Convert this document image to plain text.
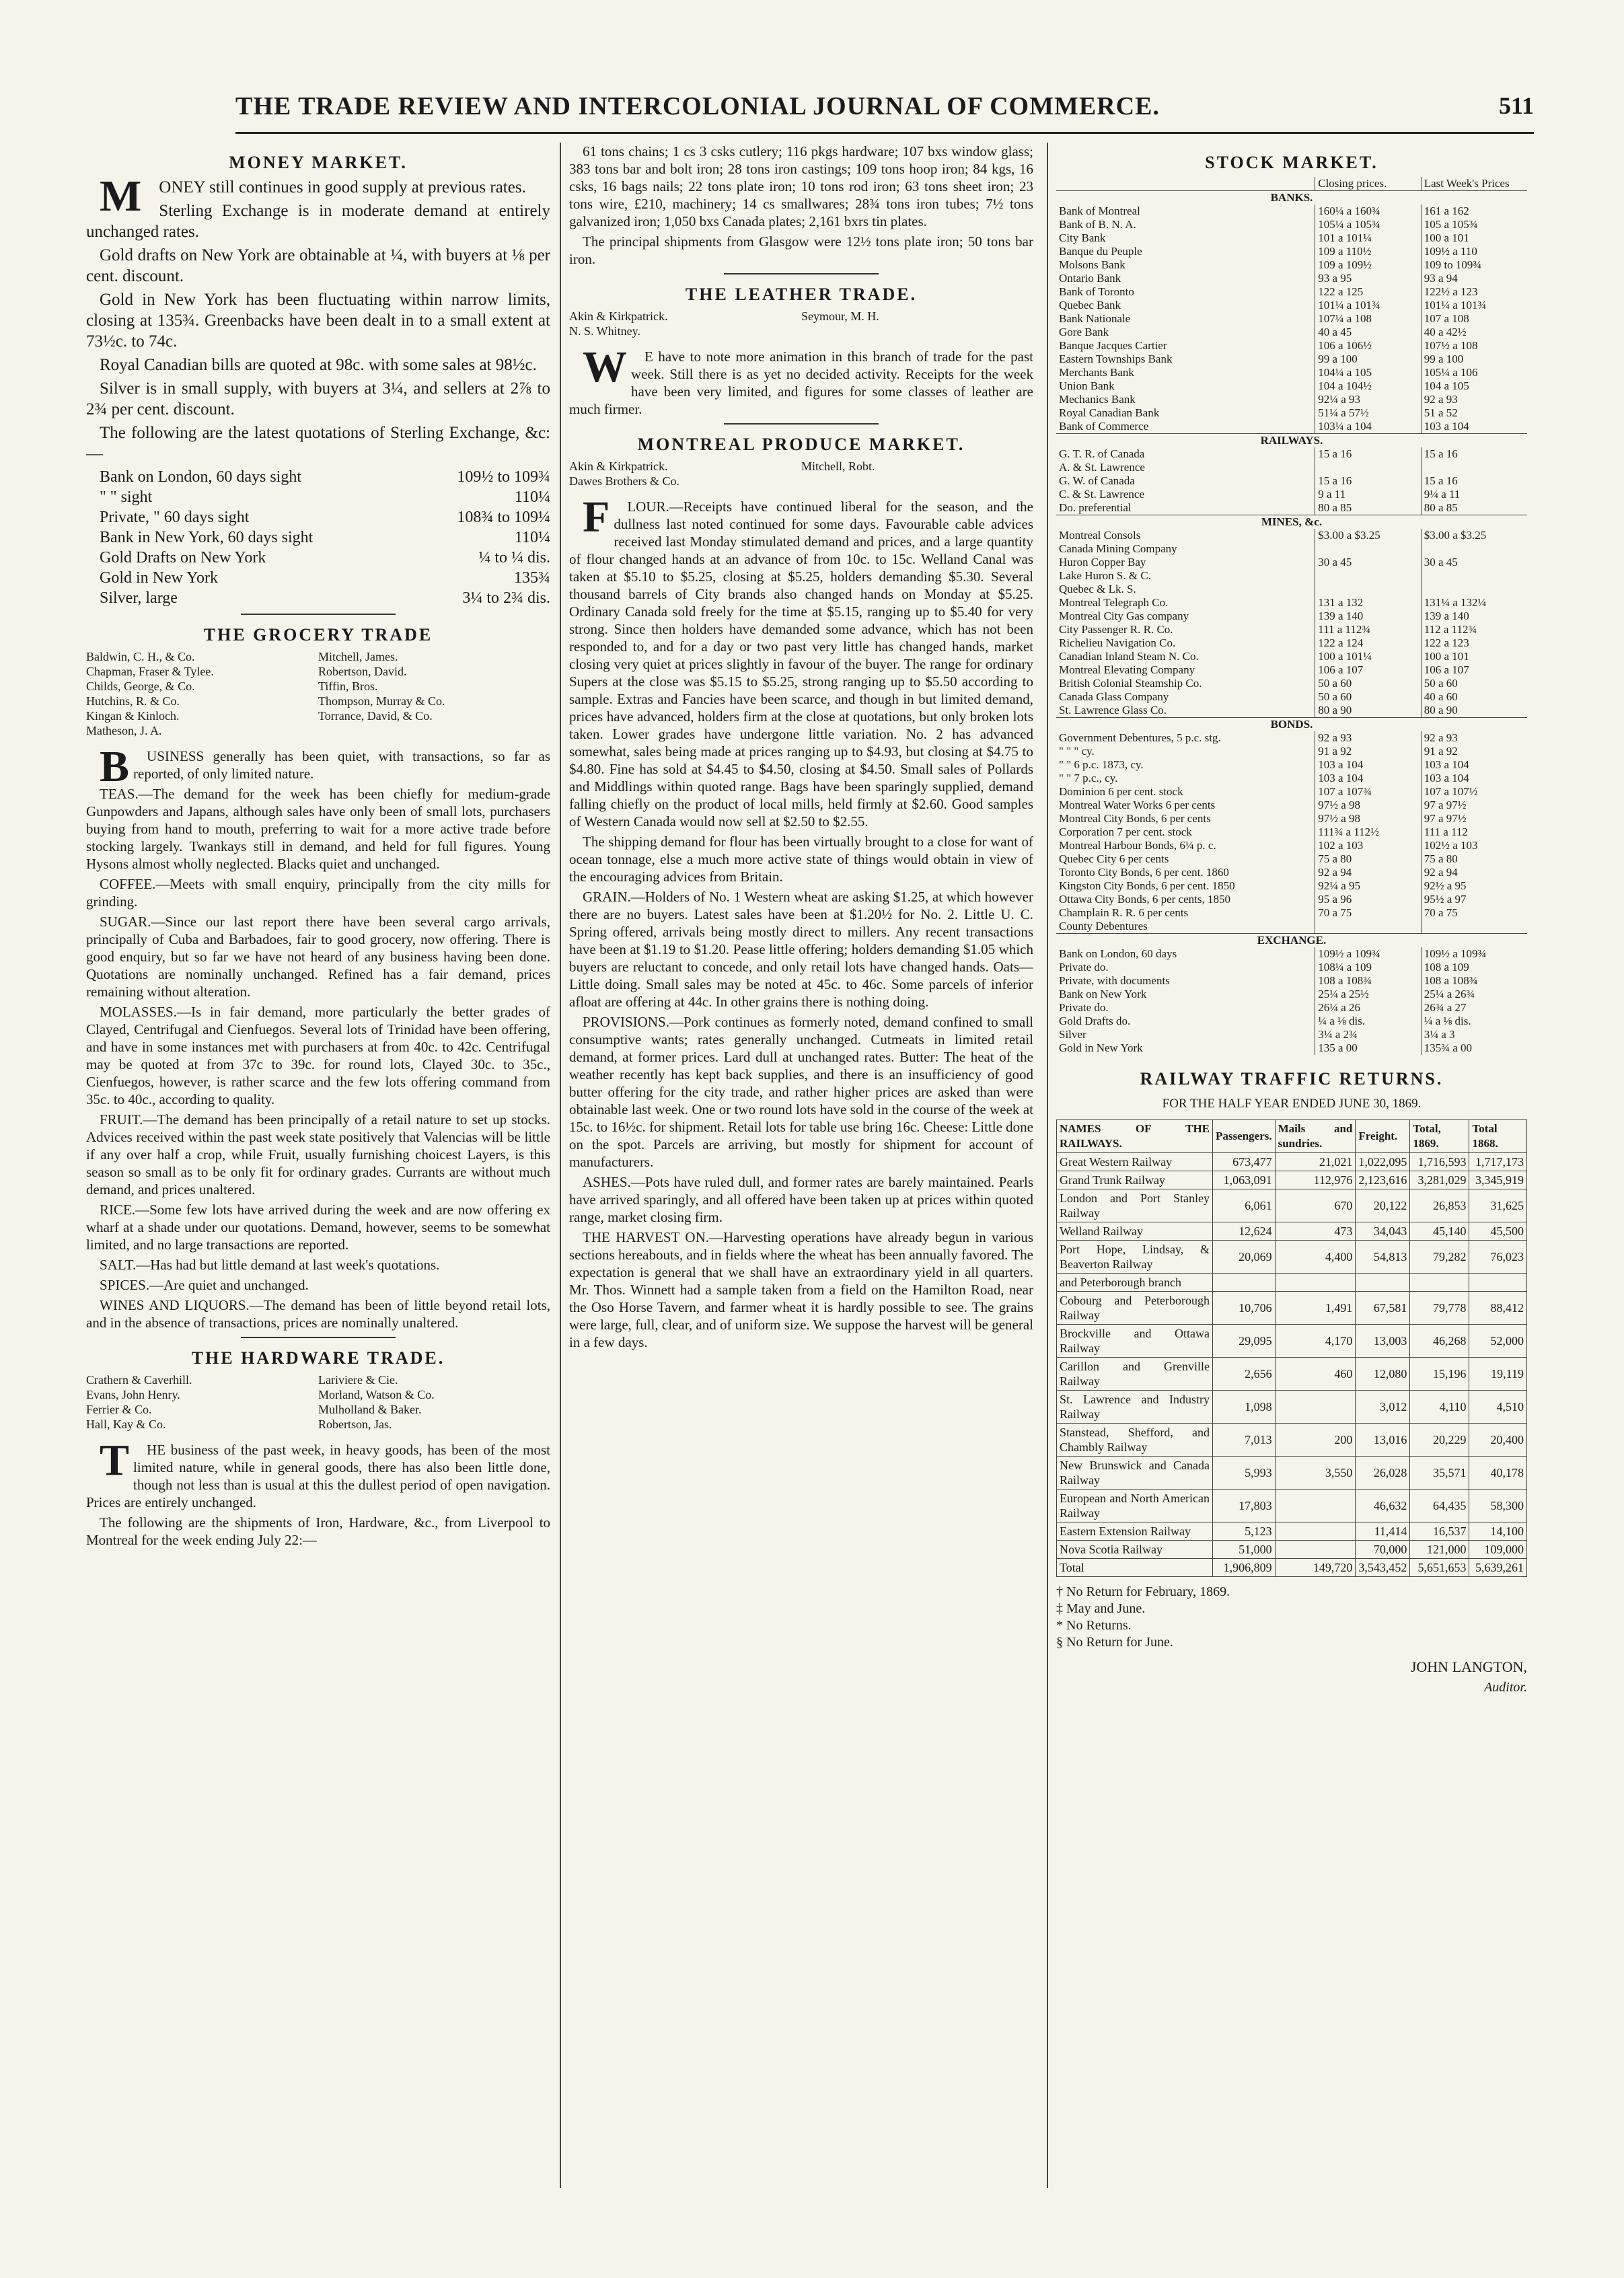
THE TRADE REVIEW AND INTERCOLONIAL JOURNAL OF COMMERCE.	511
MONEY MARKET.

MONEY still continues in good supply at previous rates.

Sterling Exchange is in moderate demand at entirely unchanged rates.

Gold drafts on New York are obtainable at ¼, with buyers at ⅛ per cent. discount.

Gold in New York has been fluctuating within narrow limits, closing at 135¾. Greenbacks have been dealt in to a small extent at 73½c. to 74c.

Royal Canadian bills are quoted at 98c. with some sales at 98½c.

Silver is in small supply, with buyers at 3¼, and sellers at 2⅞ to 2¾ per cent. discount.

The following are the latest quotations of Sterling Exchange, &c:—

Bank on London, 60 days sight	109½ to 109¾
" " sight	110¼
Private, " 60 days sight	108¾ to 109¼
Bank in New York, 60 days sight	110¼
Gold Drafts on New York	¼ to ¼ dis.
Gold in New York	135¾
Silver, large	3¼ to 2¾ dis.
THE GROCERY TRADE
Baldwin, C. H., & Co.	Mitchell, James.
Chapman, Fraser & Tylee.	Robertson, David.
Childs, George, & Co.	Tiffin, Bros.
Hutchins, R. & Co.	Thompson, Murray & Co.
Kingan & Kinloch.	Torrance, David, & Co.
Matheson, J. A.

BUSINESS generally has been quiet, with transactions, so far as reported, of only limited nature.

TEAS.—The demand for the week has been chiefly for medium-grade Gunpowders and Japans, although sales have only been of small lots, purchasers buying from hand to mouth, preferring to wait for a more active trade before stocking largely. Twankays still in demand, and held for full figures. Young Hysons almost wholly neglected. Blacks quiet and unchanged.

COFFEE.—Meets with small enquiry, principally from the city mills for grinding.

SUGAR.—Since our last report there have been several cargo arrivals, principally of Cuba and Barbadoes, fair to good grocery, now offering. There is good enquiry, but so far we have not heard of any business having been done. Quotations are nominally unchanged. Refined has a fair demand, prices remaining without alteration.

MOLASSES.—Is in fair demand, more particularly the better grades of Clayed, Centrifugal and Cienfuegos. Several lots of Trinidad have been offering, and have in some instances met with purchasers at from 40c. to 42c. Centrifugal may be quoted at from 37c to 39c. for round lots, Clayed 30c. to 35c., Cienfuegos, however, is rather scarce and the few lots offering command from 35c. to 40c., according to quality.

FRUIT.—The demand has been principally of a retail nature to set up stocks. Advices received within the past week state positively that Valencias will be little if any over half a crop, while Fruit, usually furnishing choicest Layers, is this season so small as to be only fit for ordinary grades. Currants are without much demand, and prices unaltered.

RICE.—Some few lots have arrived during the week and are now offering ex wharf at a shade under our quotations. Demand, however, seems to be somewhat limited, and no large transactions are reported.

SALT.—Has had but little demand at last week's quotations.

SPICES.—Are quiet and unchanged.

WINES AND LIQUORS.—The demand has been of little beyond retail lots, and in the absence of transactions, prices are nominally unaltered.

THE HARDWARE TRADE.
Crathern & Caverhill.	Lariviere & Cie.
Evans, John Henry.	Morland, Watson & Co.
Ferrier & Co.	Mulholland & Baker.
Hall, Kay & Co.	Robertson, Jas.

THE business of the past week, in heavy goods, has been of the most limited nature, while in general goods, there has also been little done, though not less than is usual at this the dullest period of open navigation. Prices are entirely unchanged.

The following are the shipments of Iron, Hardware, &c., from Liverpool to Montreal for the week ending July 22:—

61 tons chains; 1 cs 3 csks cutlery; 116 pkgs hardware; 107 bxs window glass; 383 tons bar and bolt iron; 28 tons iron castings; 109 tons hoop iron; 84 kgs, 16 csks, 16 bags nails; 22 tons plate iron; 10 tons rod iron; 63 tons sheet iron; 23 tons wire, £210, machinery; 14 cs smallwares; 28¾ tons iron tubes; 7½ tons galvanized iron; 1,050 bxs Canada plates; 2,161 bxrs tin plates.

The principal shipments from Glasgow were 12½ tons plate iron; 50 tons bar iron.

THE LEATHER TRADE.
Akin & Kirkpatrick.	Seymour, M. H.
N. S. Whitney.

WE have to note more animation in this branch of trade for the past week. Still there is as yet no decided activity. Receipts for the week have been very limited, and figures for some classes of leather are much firmer.

MONTREAL PRODUCE MARKET.
Akin & Kirkpatrick.	Mitchell, Robt.
Dawes Brothers & Co.

FLOUR.—Receipts have continued liberal for the season, and the dullness last noted continued for some days. Favourable cable advices received last Monday stimulated demand and prices, and a large quantity of flour changed hands at an advance of from 10c. to 15c. Welland Canal was taken at $5.10 to $5.25, closing at $5.25, holders demanding $5.30. Several thousand barrels of City brands also changed hands on Monday at $5.25. Ordinary Canada sold freely for the time at $5.15, ranging up to $5.40 for very strong. Since then holders have demanded some advance, which has not been responded to, and for a day or two past very little has changed hands, market closing very quiet at prices slightly in favour of the buyer. The range for ordinary Supers at the close was $5.15 to $5.25, strong ranging up to $5.50 according to sample. Extras and Fancies have been scarce, and though in but limited demand, prices have advanced, holders firm at the close at quotations, but only broken lots taken. Lower grades have undergone little variation. No. 2 has advanced somewhat, sales being made at prices ranging up to $4.93, but closing at $4.75 to $4.80. Fine has sold at $4.45 to $4.50, closing at $4.50. Small sales of Pollards and Middlings within quoted range. Bags have been sparingly supplied, demand falling chiefly on the product of local mills, held firmly at $2.60. Good samples of Western Canada would now sell at $2.50 to $2.55.

The shipping demand for flour has been virtually brought to a close for want of ocean tonnage, else a much more active state of things would obtain in view of the encouraging advices from Britain.

GRAIN.—Holders of No. 1 Western wheat are asking $1.25, at which however there are no buyers. Latest sales have been at $1.20½ for No. 2. Little U. C. Spring offered, arrivals being mostly direct to millers. Any recent transactions have been at $1.19 to $1.20. Pease little offering; holders demanding $1.05 which buyers are reluctant to concede, and only retail lots have changed hands. Oats—Little doing. Small sales may be noted at 45c. to 46c. Some parcels of inferior afloat are offering at 44c. In other grains there is nothing doing.

PROVISIONS.—Pork continues as formerly noted, demand confined to small consumptive wants; rates generally unchanged. Cutmeats in limited retail demand, at former prices. Lard dull at unchanged rates. Butter: The heat of the weather recently has kept back supplies, and there is an insufficiency of good butter offering for the city trade, and rather higher prices are asked than were obtainable last week. One or two round lots have sold in the course of the week at 15c. to 16½c. for shipment. Retail lots for table use bring 16c. Cheese: Little done on the spot. Parcels are arriving, but mostly for shipment for account of manufacturers.

ASHES.—Pots have ruled dull, and former rates are barely maintained. Pearls have arrived sparingly, and all offered have been taken up at prices within quoted range, market closing firm.

THE HARVEST ON.—Harvesting operations have already begun in various sections hereabouts, and in fields where the wheat has been annually favored. The expectation is general that we shall have an extraordinary yield in all quarters. Mr. Thos. Winnett had a sample taken from a field on the Hamilton Road, near the Oso Horse Tavern, and farmer wheat it is hardly possible to see. The grains were large, full, clear, and of uniform size. We suppose the harvest will be general in a few days.

STOCK MARKET.
	Closing prices.	Last Week's Prices
BANKS.		
Bank of Montreal	160¼ a 160¾	161 a 162
Bank of B. N. A.	105¼ a 105¾	105 a 105¾
City Bank	101 a 101¼	100 a 101
Banque du Peuple	109 a 110½	109½ a 110
Molsons Bank	109 a 109½	109 to 109¾
Ontario Bank	93 a 95	93 a 94
Bank of Toronto	122 a 125	122½ a 123
Quebec Bank	101¼ a 101¾	101¼ a 101¾
Bank Nationale	107¼ a 108	107 a 108
Gore Bank	40 a 45	40 a 42½
Banque Jacques Cartier	106 a 106½	107½ a 108
Eastern Townships Bank	99 a 100	99 a 100
Merchants Bank	104¼ a 105	105¼ a 106
Union Bank	104 a 104½	104 a 105
Mechanics Bank	92¼ a 93	92 a 93
Royal Canadian Bank	51¼ a 57½	51 a 52
Bank of Commerce	103¼ a 104	103 a 104
RAILWAYS.		
G. T. R. of Canada	15 a 16	15 a 16
A. & St. Lawrence		
G. W. of Canada	15 a 16	15 a 16
C. & St. Lawrence	9 a 11	9¼ a 11
Do. preferential	80 a 85	80 a 85
MINES, &c.		
Montreal Consols	$3.00 a $3.25	$3.00 a $3.25
Canada Mining Company		
Huron Copper Bay	30 a 45	30 a 45
Lake Huron S. & C.		
Quebec & Lk. S.		
Montreal Telegraph Co.	131 a 132	131¼ a 132¼
Montreal City Gas company	139 a 140	139 a 140
City Passenger R. R. Co.	111 a 112¾	112 a 112¾
Richelieu Navigation Co.	122 a 124	122 a 123
Canadian Inland Steam N. Co.	100 a 101¼	100 a 101
Montreal Elevating Company	106 a 107	106 a 107
British Colonial Steamship Co.	50 a 60	50 a 60
Canada Glass Company	50 a 60	40 a 60
St. Lawrence Glass Co.	80 a 90	80 a 90
BONDS.		
Government Debentures, 5 p.c. stg.	92 a 93	92 a 93
" " " cy.	91 a 92	91 a 92
" " 6 p.c. 1873, cy.	103 a 104	103 a 104
" " 7 p.c., cy.	103 a 104	103 a 104
Dominion 6 per cent. stock	107 a 107¾	107 a 107½
Montreal Water Works 6 per cents	97½ a 98	97 a 97½
Montreal City Bonds, 6 per cents	97½ a 98	97 a 97½
Corporation 7 per cent. stock	111¾ a 112½	111 a 112
Montreal Harbour Bonds, 6¼ p. c.	102 a 103	102½ a 103
Quebec City 6 per cents	75 a 80	75 a 80
Toronto City Bonds, 6 per cent. 1860	92 a 94	92 a 94
Kingston City Bonds, 6 per cent. 1850	92¼ a 95	92½ a 95
Ottawa City Bonds, 6 per cents, 1850	95 a 96	95½ a 97
Champlain R. R. 6 per cents	70 a 75	70 a 75
County Debentures		
EXCHANGE.		
Bank on London, 60 days	109½ a 109¾	109½ a 109¾
Private do.	108¼ a 109	108 a 109
Private, with documents	108 a 108¾	108 a 108¾
Bank on New York	25¼ a 25½	25¼ a 26¾
Private do.	26¼ a 26	26¾ a 27
Gold Drafts do.	¼ a ⅛ dis.	¼ a ⅛ dis.
Silver	3¼ a 2¾	3¼ a 3
Gold in New York	135 a 00	135¾ a 00
RAILWAY TRAFFIC RETURNS.
FOR THE HALF YEAR ENDED JUNE 30, 1869.
NAMES OF THE RAILWAYS.	Passengers.	Mails and sundries.	Freight.	Total, 1869.	Total 1868.
Great Western Railway	673,477	21,021	1,022,095	1,716,593	1,717,173
Grand Trunk Railway	1,063,091	112,976	2,123,616	3,281,029	3,345,919
London and Port Stanley Railway	6,061	670	20,122	26,853	31,625
Welland Railway	12,624	473	34,043	45,140	45,500
Port Hope, Lindsay, & Beaverton Railway	20,069	4,400	54,813	79,282	76,023
and Peterborough branch					
Cobourg and Peterborough Railway	10,706	1,491	67,581	79,778	88,412
Brockville and Ottawa Railway	29,095	4,170	13,003	46,268	52,000
Carillon and Grenville Railway	2,656	460	12,080	15,196	19,119
St. Lawrence and Industry Railway	1,098		3,012	4,110	4,510
Stanstead, Shefford, and Chambly Railway	7,013	200	13,016	20,229	20,400
New Brunswick and Canada Railway	5,993	3,550	26,028	35,571	40,178
European and North American Railway	17,803		46,632	64,435	58,300
Eastern Extension Railway	5,123		11,414	16,537	14,100
Nova Scotia Railway	51,000		70,000	121,000	109,000
Total	1,906,809	149,720	3,543,452	5,651,653	5,639,261
† No Return for February, 1869.
‡ May and June.
* No Returns.
§ No Return for June.
JOHN LANGTON,
Auditor.
